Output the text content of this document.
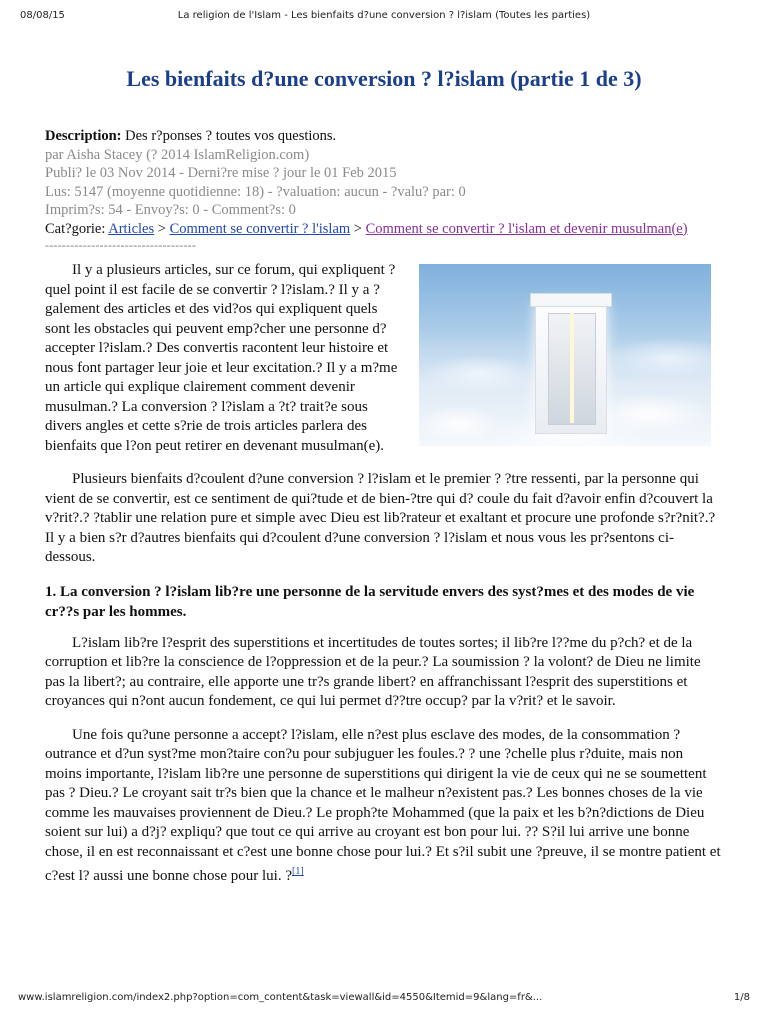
08/08/15	La religion de l'Islam - Les bienfaits d?une conversion ? l?islam (Toutes les parties)
Les bienfaits d?une conversion ? l?islam (partie 1 de 3)
Description: Des r?ponses ? toutes vos questions.
par Aisha Stacey (? 2014 IslamReligion.com)
Publi? le 03 Nov 2014 - Derni?re mise ? jour le 01 Feb 2015
Lus: 5147 (moyenne quotidienne: 18) - ?valuation: aucun - ?valu? par: 0
Imprim?s: 54 - Envoy?s: 0 - Comment?s: 0
Cat?gorie: Articles > Comment se convertir ? l'islam > Comment se convertir ? l'islam et devenir musulman(e)
------------------------------------

Il y a plusieurs articles, sur ce forum, qui expliquent ? quel point il est facile de se convertir ? l?islam.? Il y a ?galement des articles et des vid?os qui expliquent quels sont les obstacles qui peuvent emp?cher une personne d? accepter l?islam.? Des convertis racontent leur histoire et nous font partager leur joie et leur excitation.? Il y a m?me un article qui explique clairement comment devenir musulman.? La conversion ? l?islam a ?t? trait?e sous divers angles et cette s?rie de trois articles parlera des bienfaits que l?on peut retirer en devenant musulman(e).

Plusieurs bienfaits d?coulent d?une conversion ? l?islam et le premier ? ?tre ressenti, par la personne qui vient de se convertir, est ce sentiment de qui?tude et de bien-?tre qui d? coule du fait d?avoir enfin d?couvert la v?rit?.? ?tablir une relation pure et simple avec Dieu est lib?rateur et exaltant et procure une profonde s?r?nit?.? Il y a bien s?r d?autres bienfaits qui d?coulent d?une conversion ? l?islam et nous vous les pr?sentons ci-dessous.

1. La conversion ? l?islam lib?re une personne de la servitude envers des syst?mes et des modes de vie cr??s par les hommes.

L?islam lib?re l?esprit des superstitions et incertitudes de toutes sortes; il lib?re l??me du p?ch? et de la corruption et lib?re la conscience de l?oppression et de la peur.? La soumission ? la volont? de Dieu ne limite pas la libert?; au contraire, elle apporte une tr?s grande libert? en affranchissant l?esprit des superstitions et croyances qui n?ont aucun fondement, ce qui lui permet d??tre occup? par la v?rit? et le savoir.

Une fois qu?une personne a accept? l?islam, elle n?est plus esclave des modes, de la consommation ? outrance et d?un syst?me mon?taire con?u pour subjuguer les foules.? ? une ?chelle plus r?duite, mais non moins importante, l?islam lib?re une personne de superstitions qui dirigent la vie de ceux qui ne se soumettent pas ? Dieu.? Le croyant sait tr?s bien que la chance et le malheur n?existent pas.? Les bonnes choses de la vie comme les mauvaises proviennent de Dieu.? Le proph?te Mohammed (que la paix et les b?n?dictions de Dieu soient sur lui) a d?j? expliqu? que tout ce qui arrive au croyant est bon pour lui. ?? S?il lui arrive une bonne chose, il en est reconnaissant et c?est une bonne chose pour lui.? Et s?il subit une ?preuve, il se montre patient et c?est l? aussi une bonne chose pour lui. ?[1]

www.islamreligion.com/index2.php?option=com_content&task=viewall&id=4550&Itemid=9&lang=fr&...	1/8
